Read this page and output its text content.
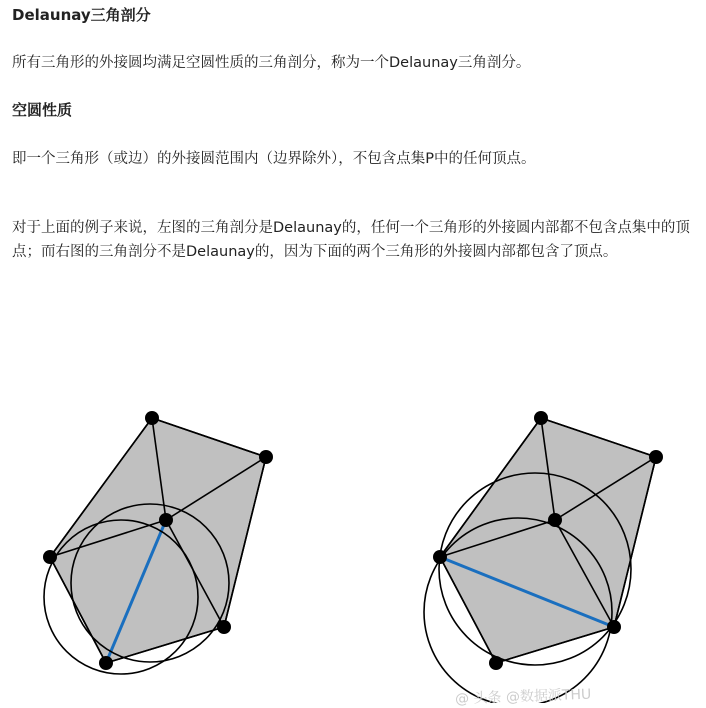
Delaunay三角剖分

所有三角形的外接圆均满足空圆性质的三角剖分，称为一个Delaunay三角剖分。

空圆性质

即一个三角形（或边）的外接圆范围内（边界除外），不包含点集P中的任何顶点。

对于上面的例子来说，左图的三角剖分是Delaunay的，任何一个三角形的外接圆内部都不包含点集中的顶点；而右图的三角剖分不是Delaunay的，因为下面的两个三角形的外接圆内部都包含了顶点。

@ 头条 @数据派THU
